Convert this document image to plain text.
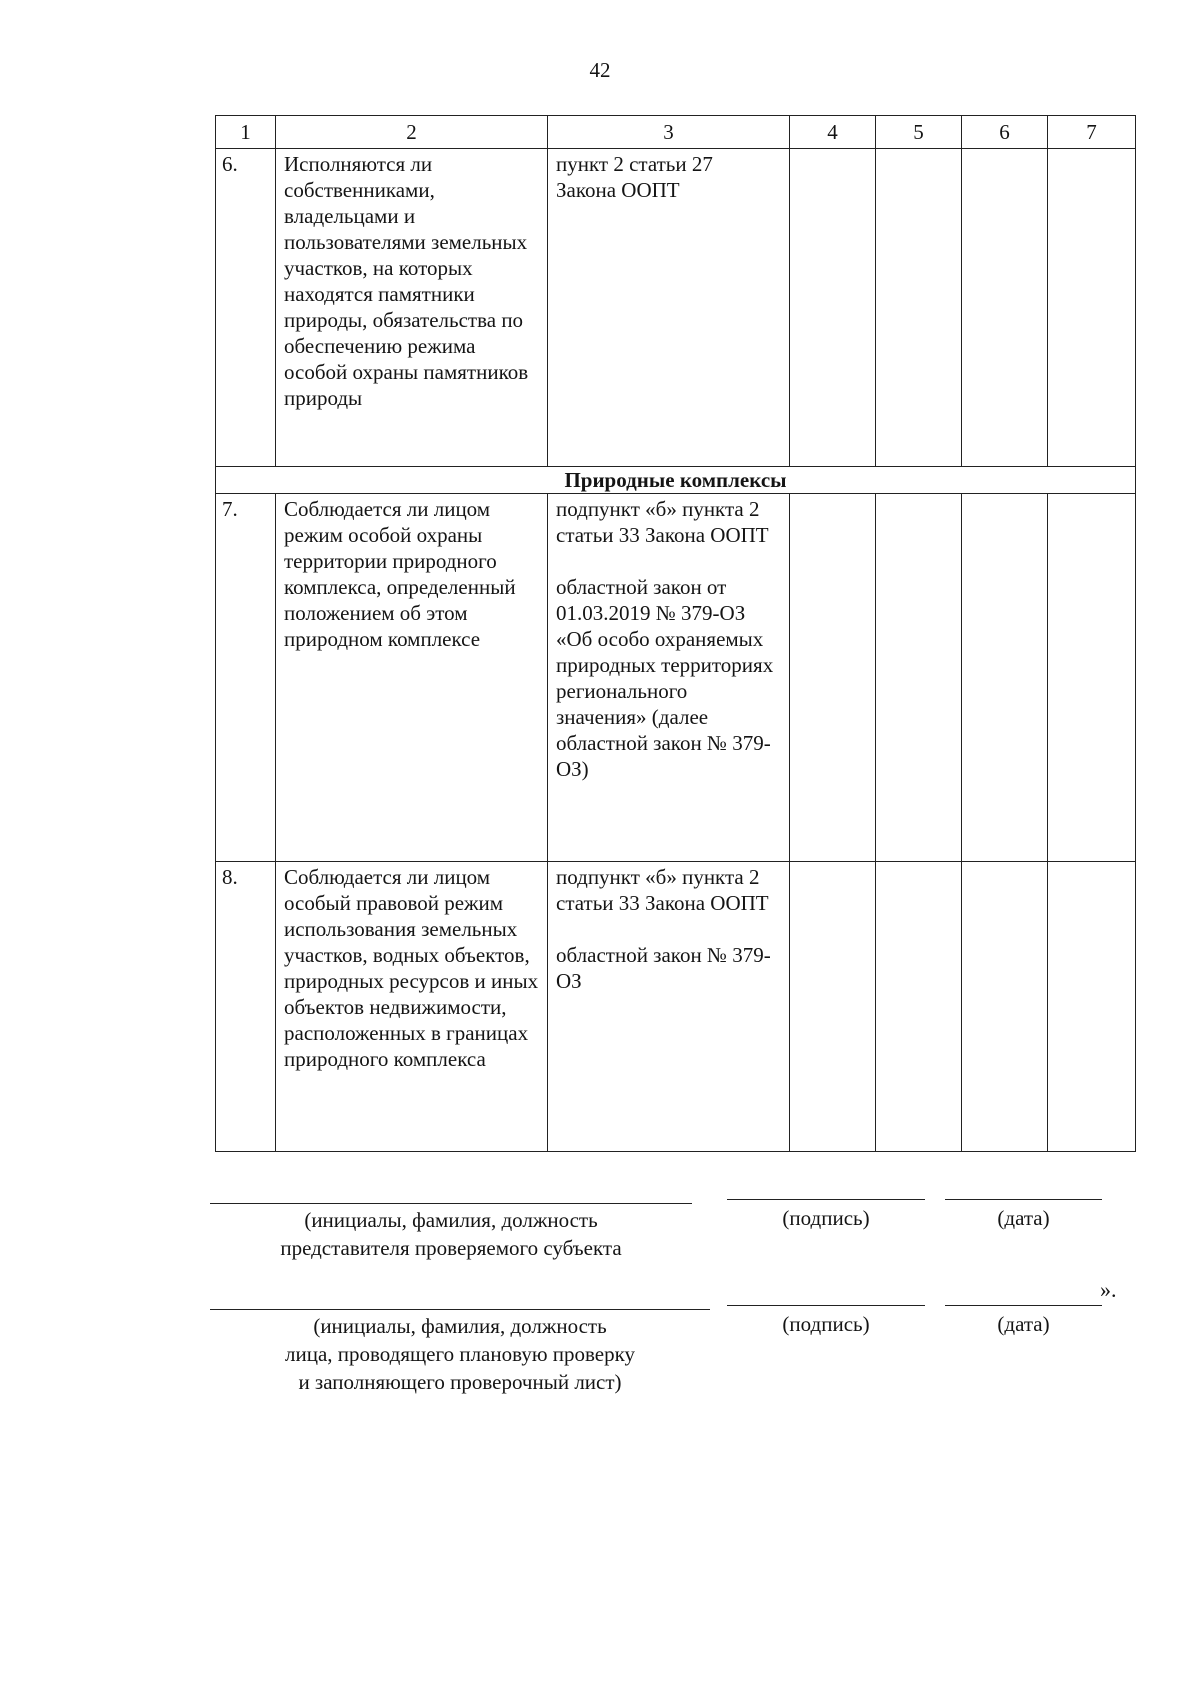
42
1	2	3	4	5	6	7
6.	Исполняются ли собственниками, владельцами и пользователями земельных участков, на которых находятся памятники природы, обязательства по обеспечению режима особой охраны памятников природы	пункт 2 статьи 27
Закона ООПТ				
Природные комплексы						
7.	Соблюдается ли лицом режим особой охраны территории природного комплекса, определенный положением об этом природном комплексе	подпункт «б» пункта 2 статьи 33 Закона ООПТ

областной закон от 01.03.2019 № 379-ОЗ «Об особо охраняемых природных территориях регионального значения» (далее областной закон № 379-ОЗ)				
8.	Соблюдается ли лицом особый правовой режим использования земельных участков, водных объектов, природных ресурсов и иных объектов недвижимости, расположенных в границах природного комплекса	подпункт «б» пункта 2 статьи 33 Закона ООПТ

областной закон № 379-ОЗ				
(инициалы, фамилия, должность
представителя проверяемого субъекта
(подпись)	(дата)
».
(инициалы, фамилия, должность
лица, проводящего плановую проверку
и заполняющего проверочный лист)
(подпись)	(дата)
